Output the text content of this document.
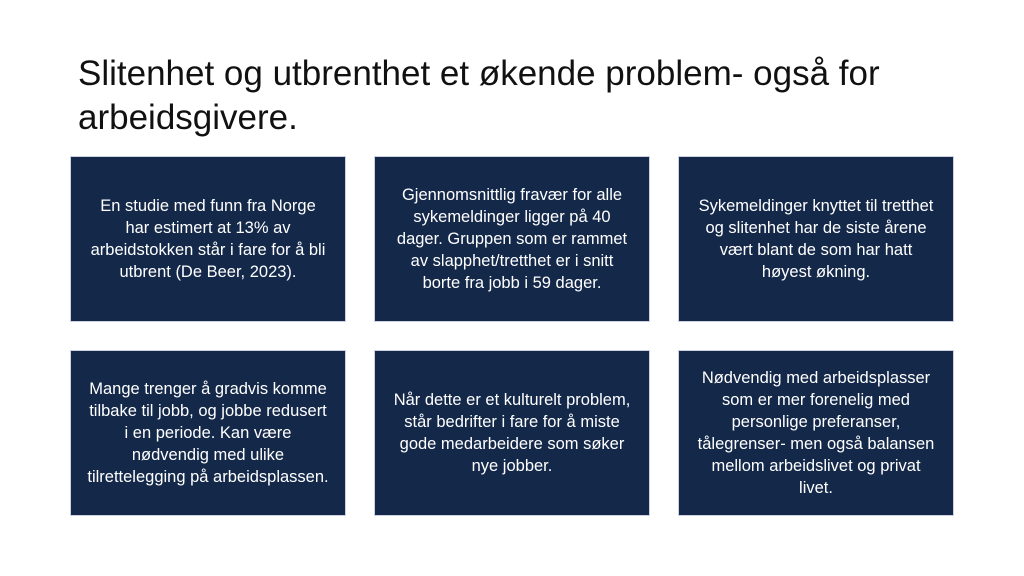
Slitenhet og utbrenthet et økende problem- også for arbeidsgivere.
En studie med funn fra Norge har estimert at 13% av arbeidstokken står i fare for å bli utbrent (De Beer, 2023).
Gjennomsnittlig fravær for alle sykemeldinger ligger på 40 dager. Gruppen som er rammet av slapphet/tretthet er i snitt borte fra jobb i 59 dager.
Sykemeldinger knyttet til tretthet og slitenhet har de siste årene vært blant de som har hatt høyest økning.
Mange trenger å gradvis komme tilbake til jobb, og jobbe redusert i en periode. Kan være nødvendig med ulike tilrettelegging på arbeidsplassen.
Når dette er et kulturelt problem, står bedrifter i fare for å miste gode medarbeidere som søker nye jobber.
Nødvendig med arbeidsplasser som er mer forenelig med personlige preferanser, tålegrenser- men også balansen mellom arbeidslivet og privat livet.
